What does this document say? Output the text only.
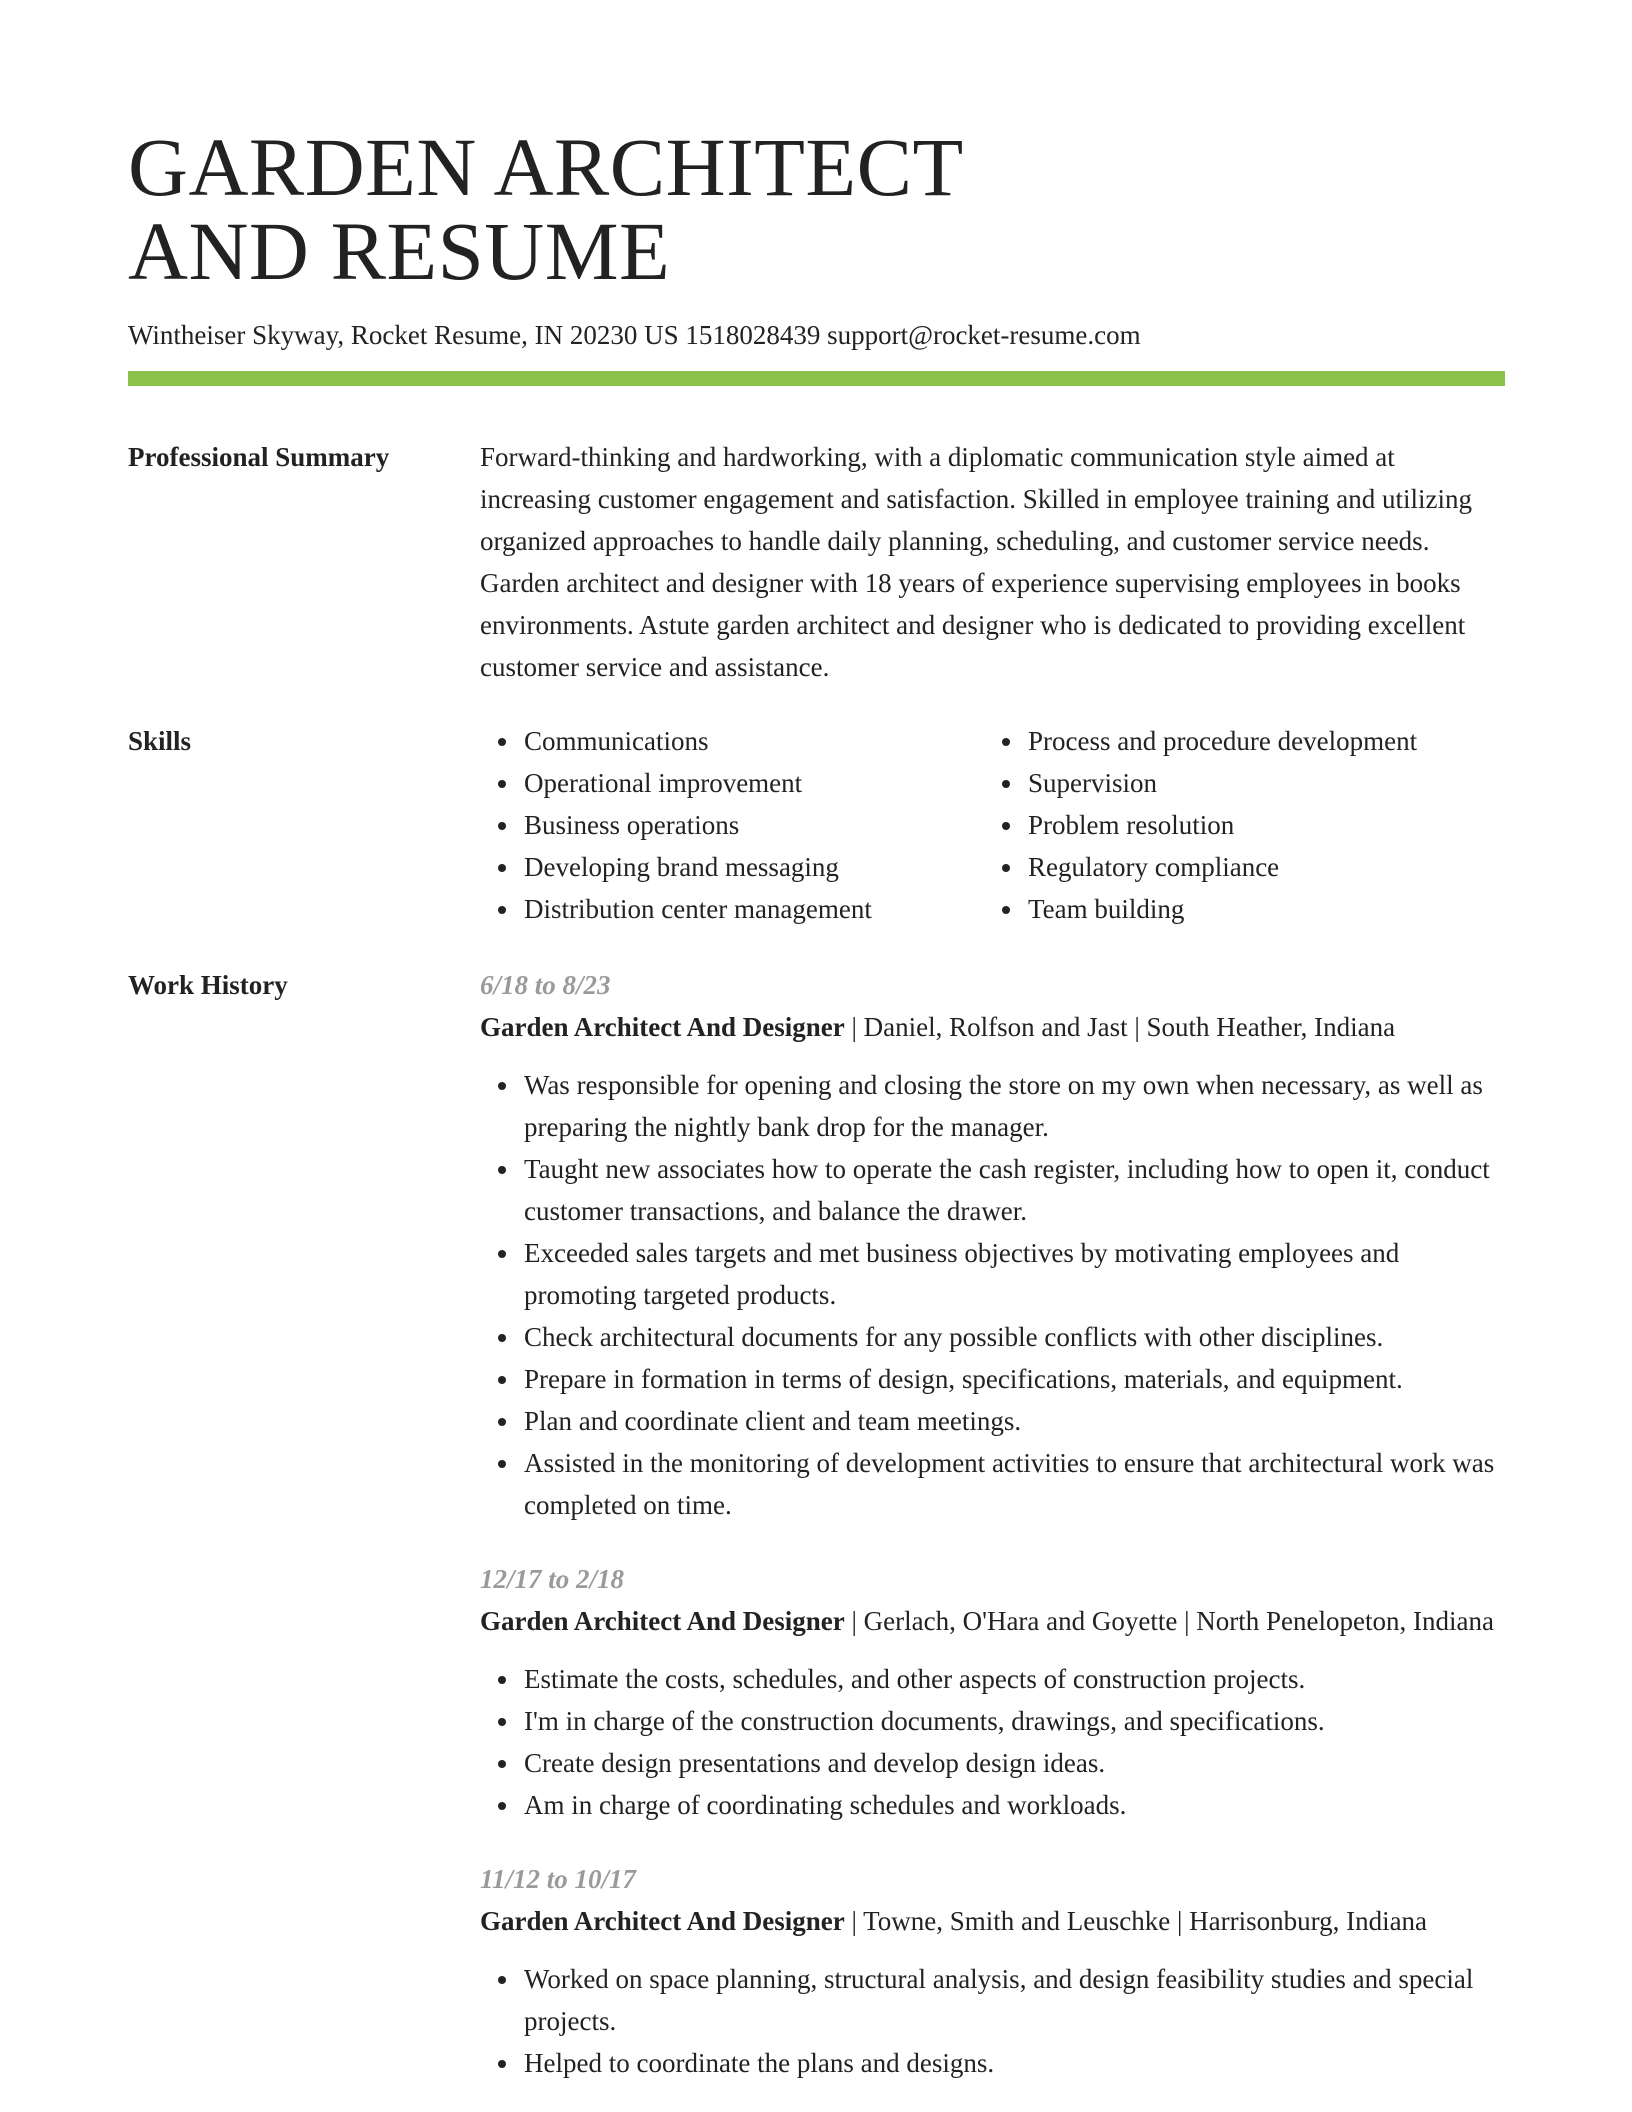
GARDEN ARCHITECT
AND RESUME
Wintheiser Skyway, Rocket Resume, IN 20230 US 1518028439 support@rocket-resume.com
Professional Summary	Forward-thinking and hardworking, with a diplomatic communication style aimed at increasing customer engagement and satisfaction. Skilled in employee training and utilizing organized approaches to handle daily planning, scheduling, and customer service needs. Garden architect and designer with 18 years of experience supervising employees in books environments. Astute garden architect and designer who is dedicated to providing excellent customer service and assistance.
Skills	Communications
Operational improvement
Business operations
Developing brand messaging
Distribution center management
Process and procedure development
Supervision
Problem resolution
Regulatory compliance
Team building
Work History	6/18 to 8/23
Garden Architect And Designer | Daniel, Rolfson and Jast | South Heather, Indiana
Was responsible for opening and closing the store on my own when necessary, as well as preparing the nightly bank drop for the manager.
Taught new associates how to operate the cash register, including how to open it, conduct customer transactions, and balance the drawer.
Exceeded sales targets and met business objectives by motivating employees and promoting targeted products.
Check architectural documents for any possible conflicts with other disciplines.
Prepare in formation in terms of design, specifications, materials, and equipment.
Plan and coordinate client and team meetings.
Assisted in the monitoring of development activities to ensure that architectural work was completed on time.
12/17 to 2/18
Garden Architect And Designer | Gerlach, O'Hara and Goyette | North Penelopeton, Indiana
Estimate the costs, schedules, and other aspects of construction projects.
I'm in charge of the construction documents, drawings, and specifications.
Create design presentations and develop design ideas.
Am in charge of coordinating schedules and workloads.
11/12 to 10/17
Garden Architect And Designer | Towne, Smith and Leuschke | Harrisonburg, Indiana
Worked on space planning, structural analysis, and design feasibility studies and special projects.
Helped to coordinate the plans and designs.
